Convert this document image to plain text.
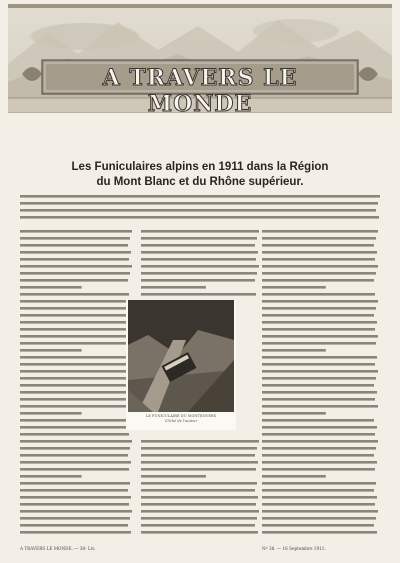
A TRAVERS LE MONDE
Les Funiculaires alpins en 1911 dans la Région
du Mont Blanc et du Rhône supérieur.
LE FUNICULAIRE DU MONTENVERS
Cliché de l'auteur
A TRAVERS LE MONDE. — 38ᵉ Liv.	Nº 38. — 16 Septembre 1911.
